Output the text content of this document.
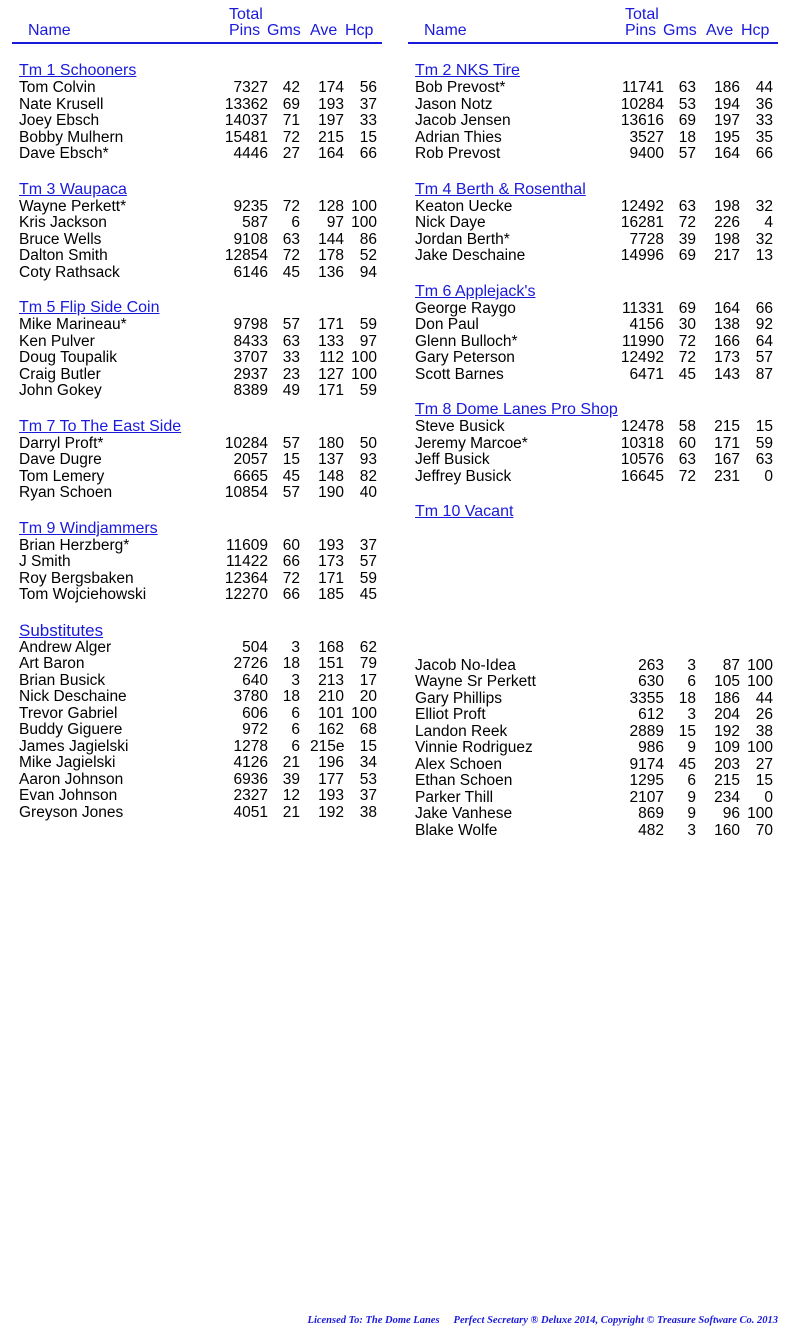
Name
Total
Pins Gms Ave Hcp
Tm 1 Schooners
Tom Colvin	7327 42 174 56
Nate Krusell	13362 69 193 37
Joey Ebsch	14037 71 197 33
Bobby Mulhern	15481 72 215 15
Dave Ebsch*	4446 27 164 66
Tm 3 Waupaca
Wayne Perkett*	9235 72 128 100
Kris Jackson	587 6 97 100
Bruce Wells	9108 63 144 86
Dalton Smith	12854 72 178 52
Coty Rathsack	6146 45 136 94
Tm 5 Flip Side Coin
Mike Marineau*	9798 57 171 59
Ken Pulver	8433 63 133 97
Doug Toupalik	3707 33 112 100
Craig Butler	2937 23 127 100
John Gokey	8389 49 171 59
Tm 7 To The East Side
Darryl Proft*	10284 57 180 50
Dave Dugre	2057 15 137 93
Tom Lemery	6665 45 148 82
Ryan Schoen	10854 57 190 40
Tm 9 Windjammers
Brian Herzberg*	11609 60 193 37
J Smith	11422 66 173 57
Roy Bergsbaken	12364 72 171 59
Tom Wojciehowski	12270 66 185 45
Substitutes
Andrew Alger	504 3 168 62
Art Baron	2726 18 151 79
Brian Busick	640 3 213 17
Nick Deschaine	3780 18 210 20
Trevor Gabriel	606 6 101 100
Buddy Giguere	972 6 162 68
James Jagielski	1278 6 215e 15
Mike Jagielski	4126 21 196 34
Aaron Johnson	6936 39 177 53
Evan Johnson	2327 12 193 37
Greyson Jones	4051 21 192 38
Name
Total
Pins Gms Ave Hcp
Tm 2 NKS Tire
Bob Prevost*	11741 63 186 44
Jason Notz	10284 53 194 36
Jacob Jensen	13616 69 197 33
Adrian Thies	3527 18 195 35
Rob Prevost	9400 57 164 66
Tm 4 Berth & Rosenthal
Keaton Uecke	12492 63 198 32
Nick Daye	16281 72 226 4
Jordan Berth*	7728 39 198 32
Jake Deschaine	14996 69 217 13
Tm 6 Applejack's
George Raygo	11331 69 164 66
Don Paul	4156 30 138 92
Glenn Bulloch*	11990 72 166 64
Gary Peterson	12492 72 173 57
Scott Barnes	6471 45 143 87
Tm 8 Dome Lanes Pro Shop
Steve Busick	12478 58 215 15
Jeremy Marcoe*	10318 60 171 59
Jeff Busick	10576 63 167 63
Jeffrey Busick	16645 72 231 0
Tm 10 Vacant
Jacob No-Idea	263 3 87 100
Wayne Sr Perkett	630 6 105 100
Gary Phillips	3355 18 186 44
Elliot Proft	612 3 204 26
Landon Reek	2889 15 192 38
Vinnie Rodriguez	986 9 109 100
Alex Schoen	9174 45 203 27
Ethan Schoen	1295 6 215 15
Parker Thill	2107 9 234 0
Jake Vanhese	869 9 96 100
Blake Wolfe	482 3 160 70
Licensed To: The Dome Lanes Perfect Secretary ® Deluxe 2014, Copyright © Treasure Software Co. 2013
